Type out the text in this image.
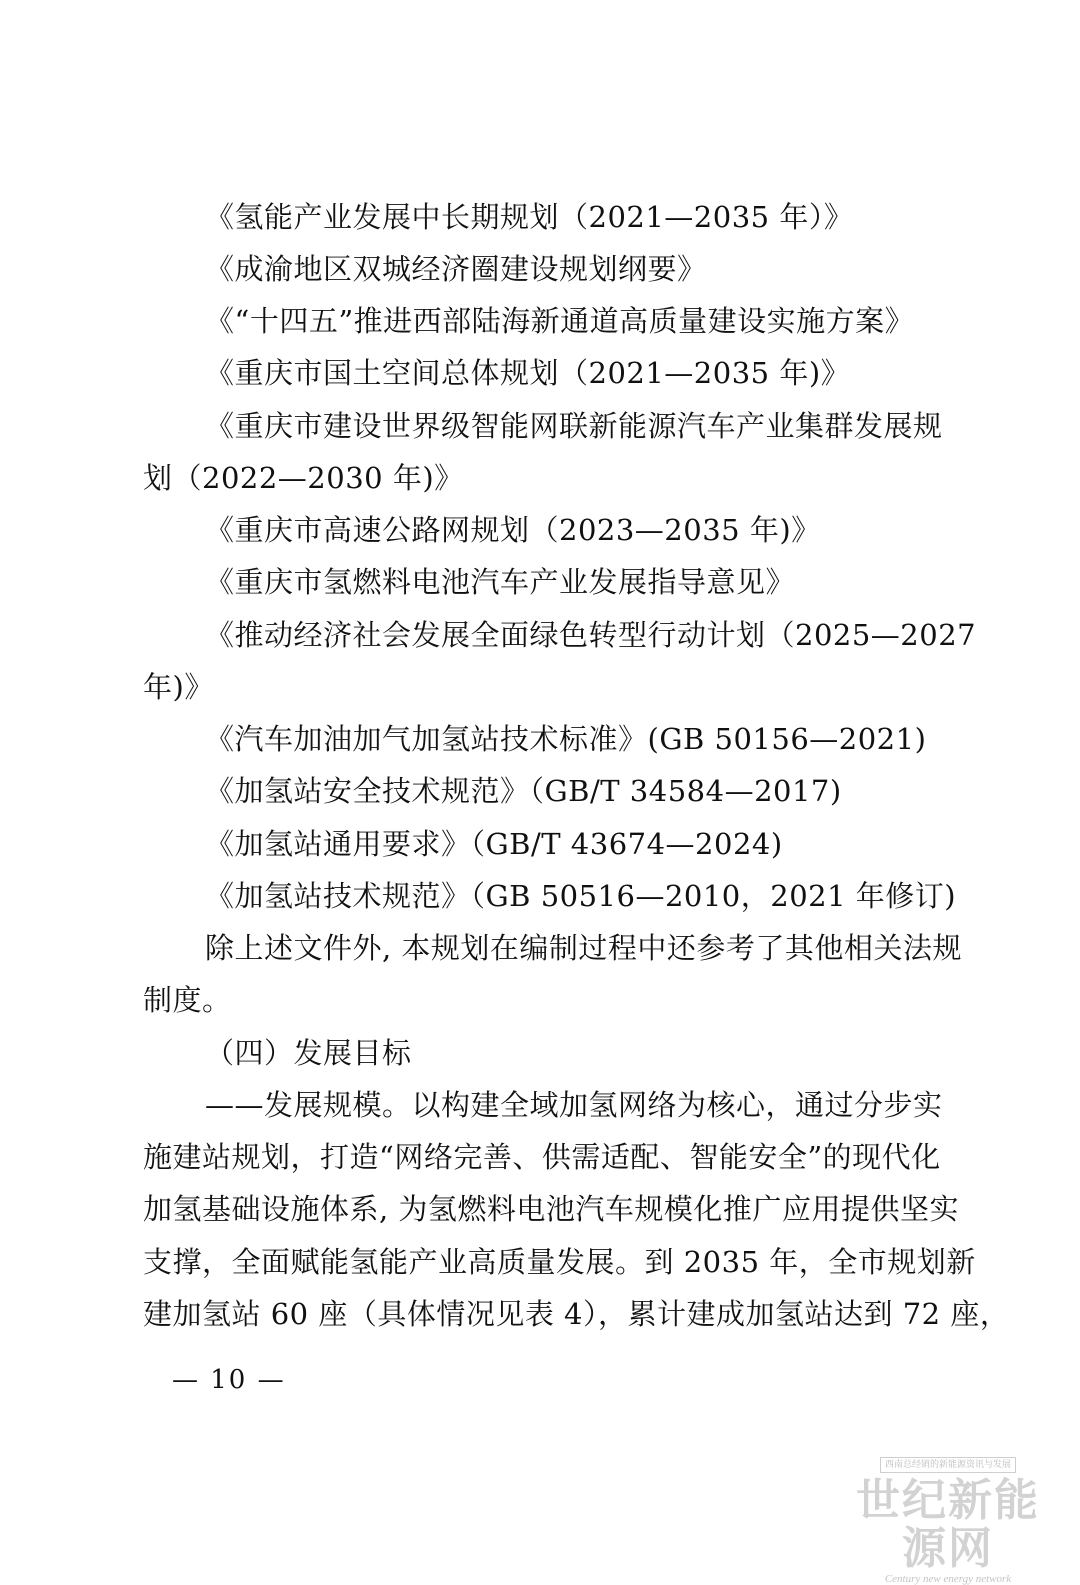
《氢能产业发展中长期规划（2021—2035 年）》
《成渝地区双城经济圈建设规划纲要》
《“十四五”推进西部陆海新通道高质量建设实施方案》
《重庆市国土空间总体规划（2021—2035 年)》
《重庆市建设世界级智能网联新能源汽车产业集群发展规
划（2022—2030 年)》
《重庆市高速公路网规划（2023—2035 年)》
《重庆市氢燃料电池汽车产业发展指导意见》
《推动经济社会发展全面绿色转型行动计划（2025—2027
年)》
《汽车加油加气加氢站技术标准》(GB 50156—2021)
《加氢站安全技术规范》（GB/T 34584—2017)
《加氢站通用要求》（GB/T 43674—2024)
《加氢站技术规范》（GB 50516—2010，2021 年修订)
除上述文件外, 本规划在编制过程中还参考了其他相关法规
制度。
（四）发展目标
——发展规模。以构建全域加氢网络为核心，通过分步实
施建站规划，打造“网络完善、供需适配、智能安全”的现代化
加氢基础设施体系, 为氢燃料电池汽车规模化推广应用提供坚实
支撑，全面赋能氢能产业高质量发展。到 2035 年，全市规划新
建加氢站 60 座（具体情况见表 4），累计建成加氢站达到 72 座，
— 10 —
西南总经销的新能源资讯与发展
世纪新能源网
Century new energy network
